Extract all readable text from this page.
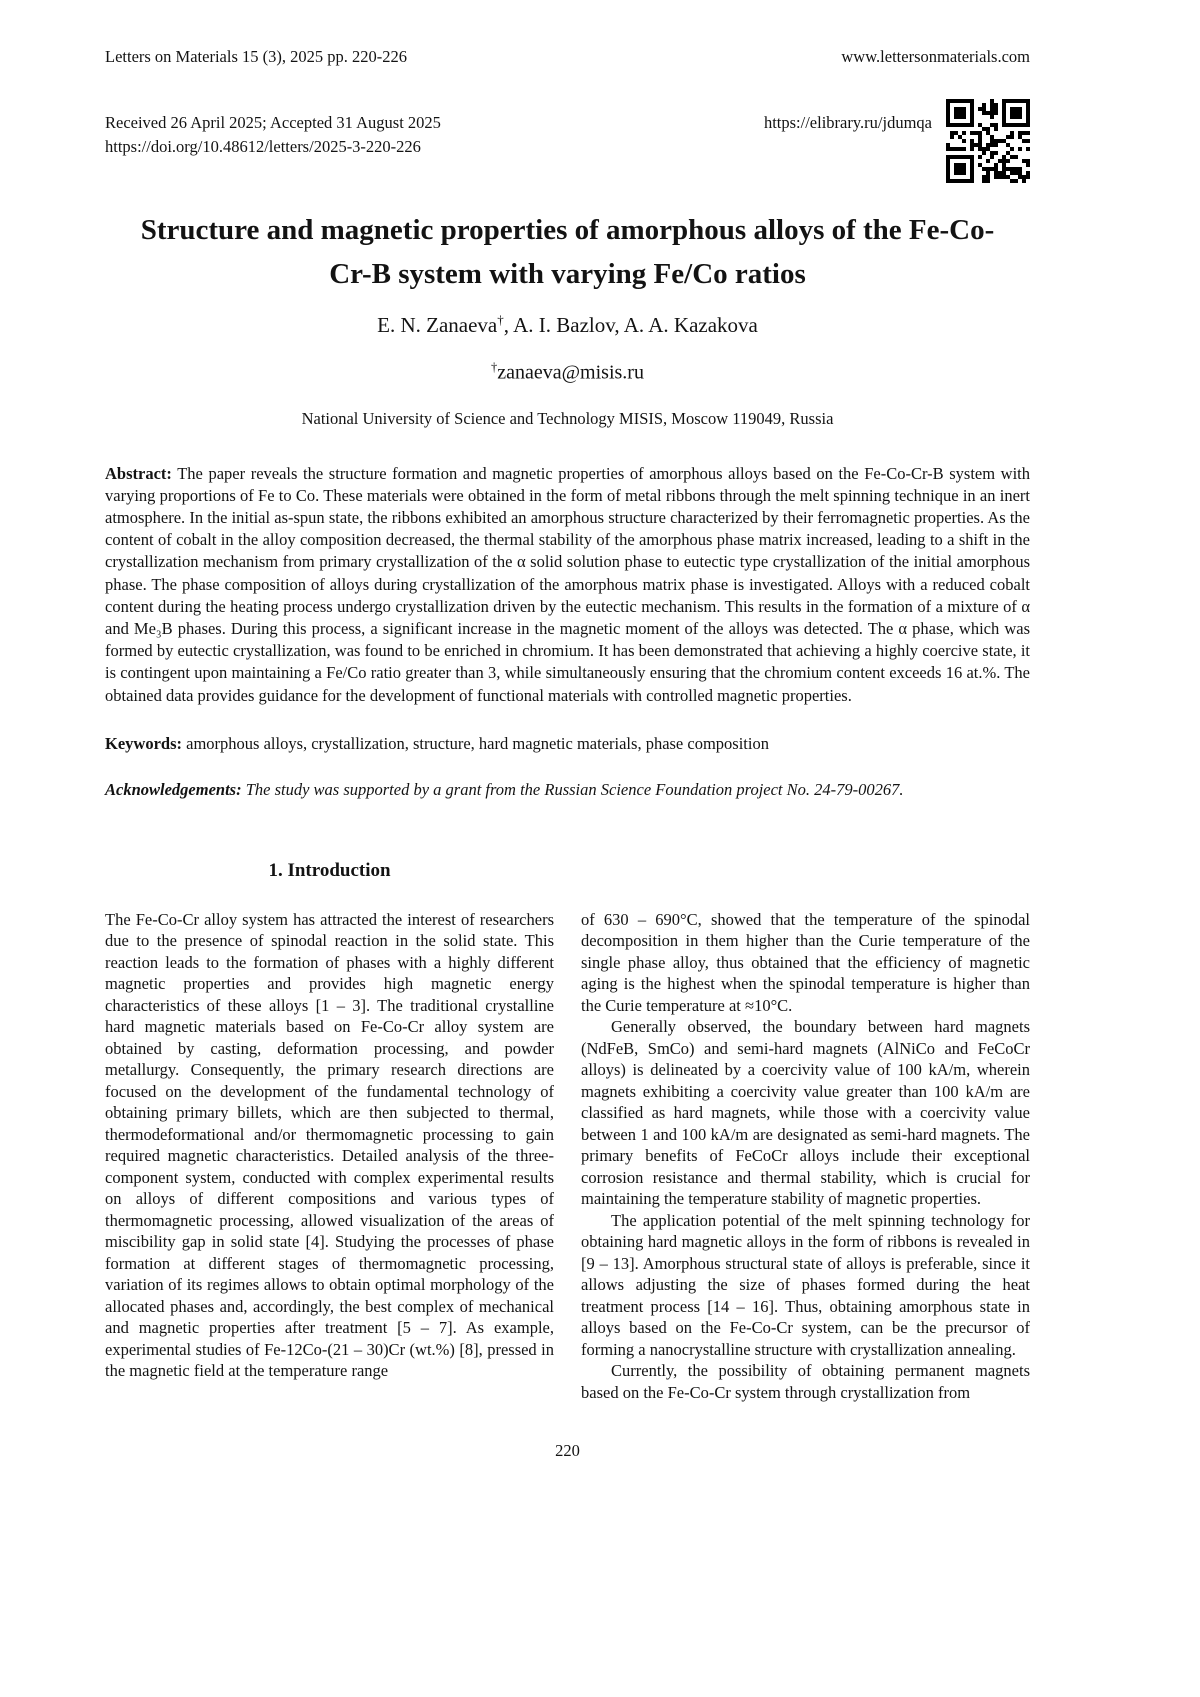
Letters on Materials 15 (3), 2025 pp. 220-226	www.lettersonmaterials.com
Received 26 April 2025; Accepted 31 August 2025
https://doi.org/10.48612/letters/2025-3-220-226
https://elibrary.ru/jdumqa
Structure and magnetic properties of amorphous alloys of the Fe-Co-Cr-B system with varying Fe/Co ratios
E. N. Zanaeva†, A. I. Bazlov, A. A. Kazakova
†zanaeva@misis.ru
National University of Science and Technology MISIS, Moscow 119049, Russia

Abstract: The paper reveals the structure formation and magnetic properties of amorphous alloys based on the Fe-Co-Cr-B system with varying proportions of Fe to Co. These materials were obtained in the form of metal ribbons through the melt spinning technique in an inert atmosphere. In the initial as-spun state, the ribbons exhibited an amorphous structure characterized by their ferromagnetic properties. As the content of cobalt in the alloy composition decreased, the thermal stability of the amorphous phase matrix increased, leading to a shift in the crystallization mechanism from primary crystallization of the α solid solution phase to eutectic type crystallization of the initial amorphous phase. The phase composition of alloys during crystallization of the amorphous matrix phase is investigated. Alloys with a reduced cobalt content during the heating process undergo crystallization driven by the eutectic mechanism. This results in the formation of a mixture of α and Me₃B phases. During this process, a significant increase in the magnetic moment of the alloys was detected. The α phase, which was formed by eutectic crystallization, was found to be enriched in chromium. It has been demonstrated that achieving a highly coercive state, it is contingent upon maintaining a Fe/Co ratio greater than 3, while simultaneously ensuring that the chromium content exceeds 16 at.%. The obtained data provides guidance for the development of functional materials with controlled magnetic properties.

Keywords: amorphous alloys, crystallization, structure, hard magnetic materials, phase composition

Acknowledgements: The study was supported by a grant from the Russian Science Foundation project No. 24-79-00267.

1. Introduction

The Fe-Co-Cr alloy system has attracted the interest of researchers due to the presence of spinodal reaction in the solid state. This reaction leads to the formation of phases with a highly different magnetic properties and provides high magnetic energy characteristics of these alloys [1 – 3]. The traditional crystalline hard magnetic materials based on Fe-Co-Cr alloy system are obtained by casting, deformation processing, and powder metallurgy. Consequently, the primary research directions are focused on the development of the fundamental technology of obtaining primary billets, which are then subjected to thermal, thermodeformational and/or thermomagnetic processing to gain required magnetic characteristics. Detailed analysis of the three-component system, conducted with complex experimental results on alloys of different compositions and various types of thermomagnetic processing, allowed visualization of the areas of miscibility gap in solid state [4]. Studying the processes of phase formation at different stages of thermomagnetic processing, variation of its regimes allows to obtain optimal morphology of the allocated phases and, accordingly, the best complex of mechanical and magnetic properties after treatment [5 – 7]. As example, experimental studies of Fe-12Co-(21 – 30)Cr (wt.%) [8], pressed in the magnetic field at the temperature range

of 630 – 690°C, showed that the temperature of the spinodal decomposition in them higher than the Curie temperature of the single phase alloy, thus obtained that the efficiency of magnetic aging is the highest when the spinodal temperature is higher than the Curie temperature at ≈10°C.

Generally observed, the boundary between hard magnets (NdFeB, SmCo) and semi-hard magnets (AlNiCo and FeCoCr alloys) is delineated by a coercivity value of 100 kA/m, wherein magnets exhibiting a coercivity value greater than 100 kA/m are classified as hard magnets, while those with a coercivity value between 1 and 100 kA/m are designated as semi-hard magnets. The primary benefits of FeCoCr alloys include their exceptional corrosion resistance and thermal stability, which is crucial for maintaining the temperature stability of magnetic properties.

The application potential of the melt spinning technology for obtaining hard magnetic alloys in the form of ribbons is revealed in [9 – 13]. Amorphous structural state of alloys is preferable, since it allows adjusting the size of phases formed during the heat treatment process [14 – 16]. Thus, obtaining amorphous state in alloys based on the Fe-Co-Cr system, can be the precursor of forming a nanocrystalline structure with crystallization annealing.

Currently, the possibility of obtaining permanent magnets based on the Fe-Co-Cr system through crystallization from

220
